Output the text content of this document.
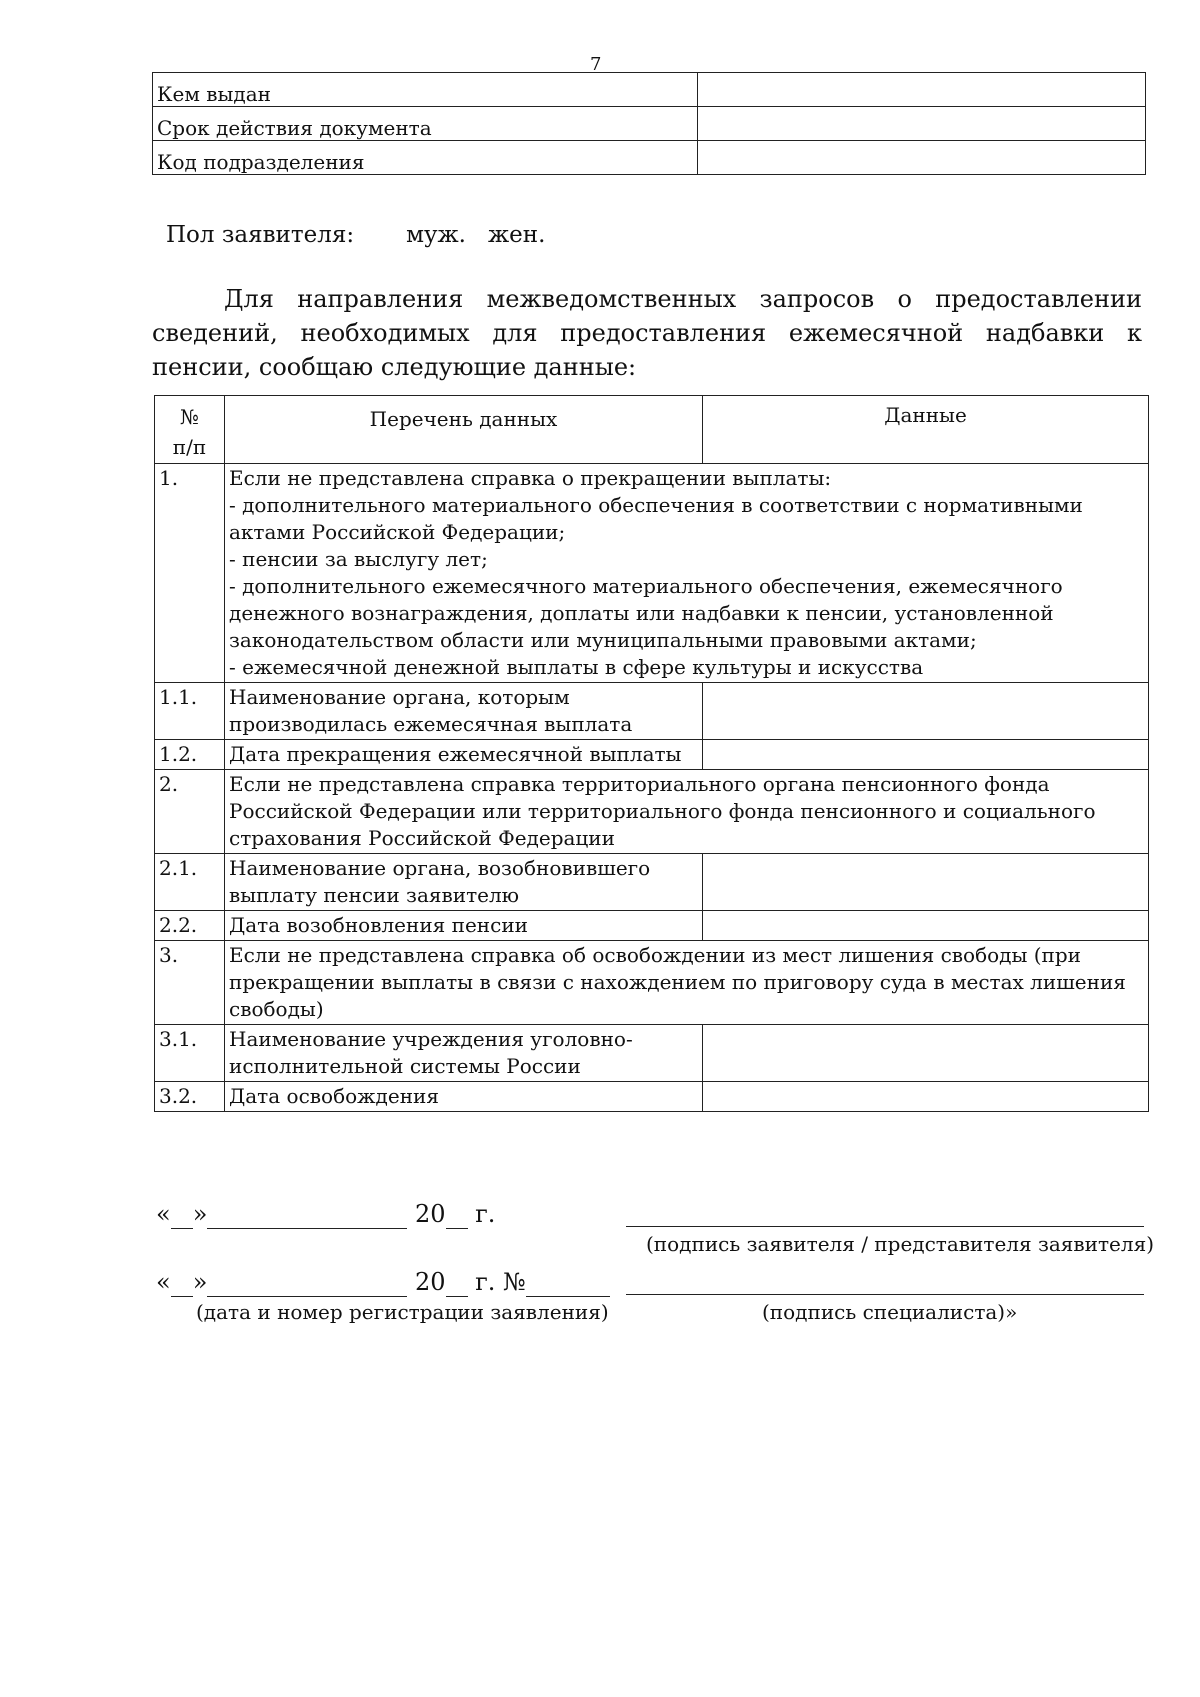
7
Кем выдан	
Срок действия документа	
Код подразделения	
Пол заявителя: муж. жен.
Для направления межведомственных запросов о предоставлении сведений, необходимых для предоставления ежемесячной надбавки к пенсии, сообщаю следующие данные:
№
п/п	Перечень данных	Данные
1.	Если не представлена справка о прекращении выплаты:
- дополнительного материального обеспечения в соответствии с нормативными актами Российской Федерации;
- пенсии за выслугу лет;
- дополнительного ежемесячного материального обеспечения, ежемесячного денежного вознаграждения, доплаты или надбавки к пенсии, установленной законодательством области или муниципальными правовыми актами;
- ежемесячной денежной выплаты в сфере культуры и искусства	

1.1.	Наименование органа, которым производилась ежемесячная выплата	
1.2.	Дата прекращения ежемесячной выплаты	
2.	Если не представлена справка территориального органа пенсионного фонда Российской Федерации или территориального фонда пенсионного и социального страхования Российской Федерации	
2.1.	Наименование органа, возобновившего выплату пенсии заявителю	
2.2.	Дата возобновления пенсии	
3.	Если не представлена справка об освобождении из мест лишения свободы (при прекращении выплаты в связи с нахождением по приговору суда в местах лишения свободы)	
3.1.	Наименование учреждения уголовно-исполнительной системы России	
3.2.	Дата освобождения	
« »	20 г.
(подпись заявителя / представителя заявителя)
« »	20 г. №
(дата и номер регистрации заявления)	(подпись специалиста)»
